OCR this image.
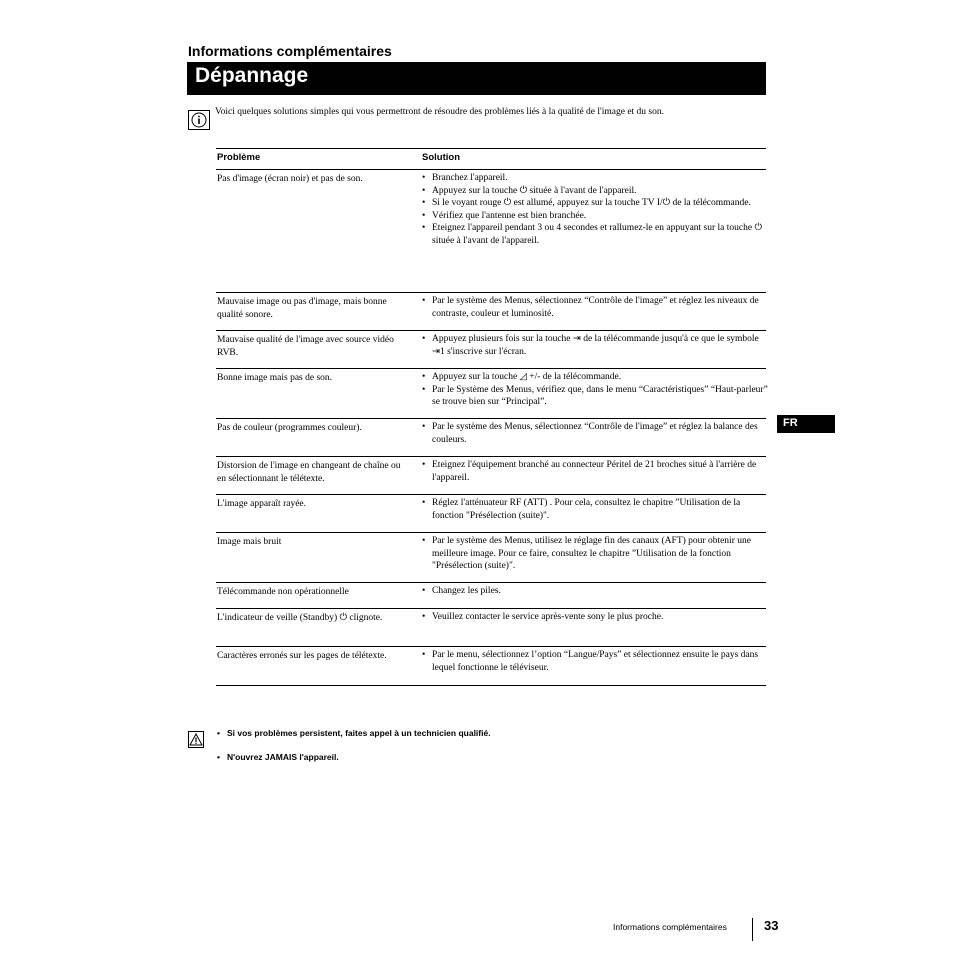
Informations complémentaires
Dépannage
Voici quelques solutions simples qui vous permettront de résoudre des problèmes liés à la qualité de l'image et du son.
Problème	Solution
Pas d'image (écran noir) et pas de son.	• Branchez l'appareil.
• Appuyez sur la touche ⏻ située à l'avant de l'appareil.
• Si le voyant rouge ⏻ est allumé, appuyez sur la touche TV I/⏻ de la télécommande.
• Vérifiez que l'antenne est bien branchée.
• Eteignez l'appareil pendant 3 ou 4 secondes et rallumez-le en appuyant sur la touche ⏻ située à l'avant de l'appareil.
Mauvaise image ou pas d'image, mais bonne qualité sonore.
• Par le système des Menus, sélectionnez “Contrôle de l'image” et réglez les niveaux de contraste, couleur et luminosité.
Mauvaise qualité de l'image avec source vidéo RVB.
• Appuyez plusieurs fois sur la touche ⇥ de la télécommande jusqu'à ce que le symbole ⇥1 s'inscrive sur l'écran.
Bonne image mais pas de son.	• Appuyez sur la touche ◿ +/- de la télécommande.
• Par le Système des Menus, vérifiez que, dans le menu “Caractéristiques” “Haut-parleur” se trouve bien sur “Principal”.
Pas de couleur (programmes couleur).	• Par le système des Menus, sélectionnez “Contrôle de l'image” et réglez la balance des couleurs.
Distorsion de l'image en changeant de chaîne ou en sélectionnant le télétexte.
• Eteignez l'équipement branché au connecteur Péritel de 21 broches situé à l'arrière de l'appareil.
L'image apparaît rayée.	• Réglez l'atténuateur RF (ATT) . Pour cela, consultez le chapitre ”Utilisation de la fonction "Présélection (suite)".
Image mais bruit	• Par le système des Menus, utilisez le réglage fin des canaux (AFT) pour obtenir une meilleure image. Pour ce faire, consultez le chapitre ”Utilisation de la fonction "Présélection (suite)".
Télécommande non opérationnelle	• Changez les piles.
L'indicateur de veille (Standby) ⏻ clignote.	• Veuillez contacter le service après-vente sony le plus proche.
Caractères erronés sur les pages de télétexte.	• Par le menu, sélectionnez l’option “Langue/Pays” et sélectionnez ensuite le pays dans lequel fonctionne le téléviseur.
FR
• Si vos problèmes persistent, faites appel à un technicien qualifié.
• N'ouvrez JAMAIS l'appareil.
Informations complémentaires	33
